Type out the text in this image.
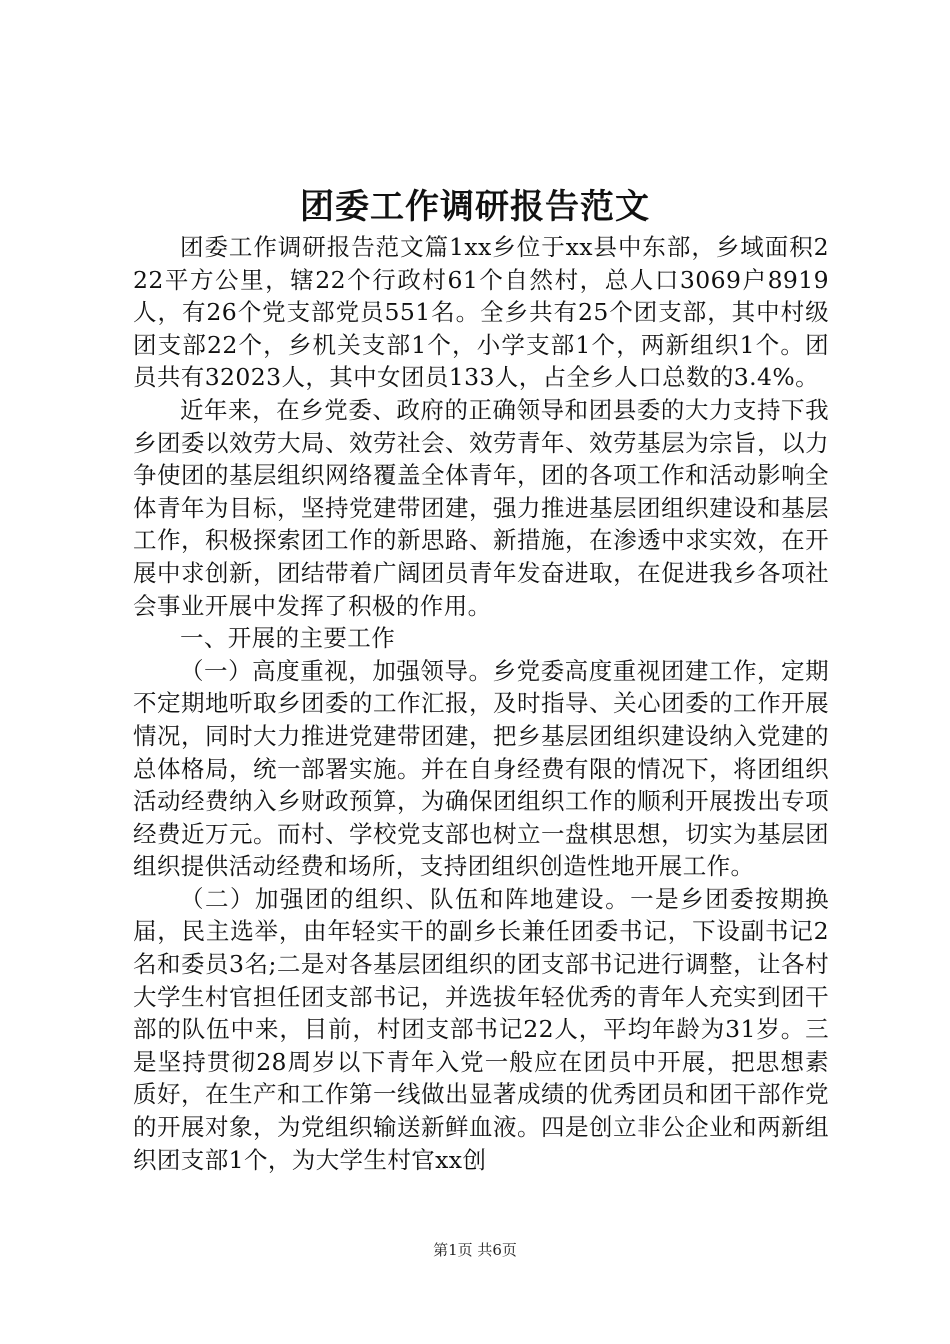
团委工作调研报告范文

团委工作调研报告范文篇1xx乡位于xx县中东部，乡域面积222平方公里，辖22个行政村61个自然村，总人口3069户8919人，有26个党支部党员551名。全乡共有25个团支部，其中村级团支部22个，乡机关支部1个，小学支部1个，两新组织1个。团员共有32023人，其中女团员133人，占全乡人口总数的3.4%。

近年来，在乡党委、政府的正确领导和团县委的大力支持下我乡团委以效劳大局、效劳社会、效劳青年、效劳基层为宗旨，以力争使团的基层组织网络覆盖全体青年，团的各项工作和活动影响全体青年为目标，坚持党建带团建，强力推进基层团组织建设和基层工作，积极探索团工作的新思路、新措施，在渗透中求实效，在开展中求创新，团结带着广阔团员青年发奋进取，在促进我乡各项社会事业开展中发挥了积极的作用。

一、开展的主要工作

（一）高度重视，加强领导。乡党委高度重视团建工作，定期不定期地听取乡团委的工作汇报，及时指导、关心团委的工作开展情况，同时大力推进党建带团建，把乡基层团组织建设纳入党建的总体格局，统一部署实施。并在自身经费有限的情况下，将团组织活动经费纳入乡财政预算，为确保团组织工作的顺利开展拨出专项经费近万元。而村、学校党支部也树立一盘棋思想，切实为基层团组织提供活动经费和场所，支持团组织创造性地开展工作。

（二）加强团的组织、队伍和阵地建设。一是乡团委按期换届，民主选举，由年轻实干的副乡长兼任团委书记，下设副书记2名和委员3名;二是对各基层团组织的团支部书记进行调整，让各村大学生村官担任团支部书记，并选拔年轻优秀的青年人充实到团干部的队伍中来，目前，村团支部书记22人，平均年龄为31岁。三是坚持贯彻28周岁以下青年入党一般应在团员中开展，把思想素质好，在生产和工作第一线做出显著成绩的优秀团员和团干部作党的开展对象，为党组织输送新鲜血液。四是创立非公企业和两新组织团支部1个，为大学生村官xx创

第1页 共6页
